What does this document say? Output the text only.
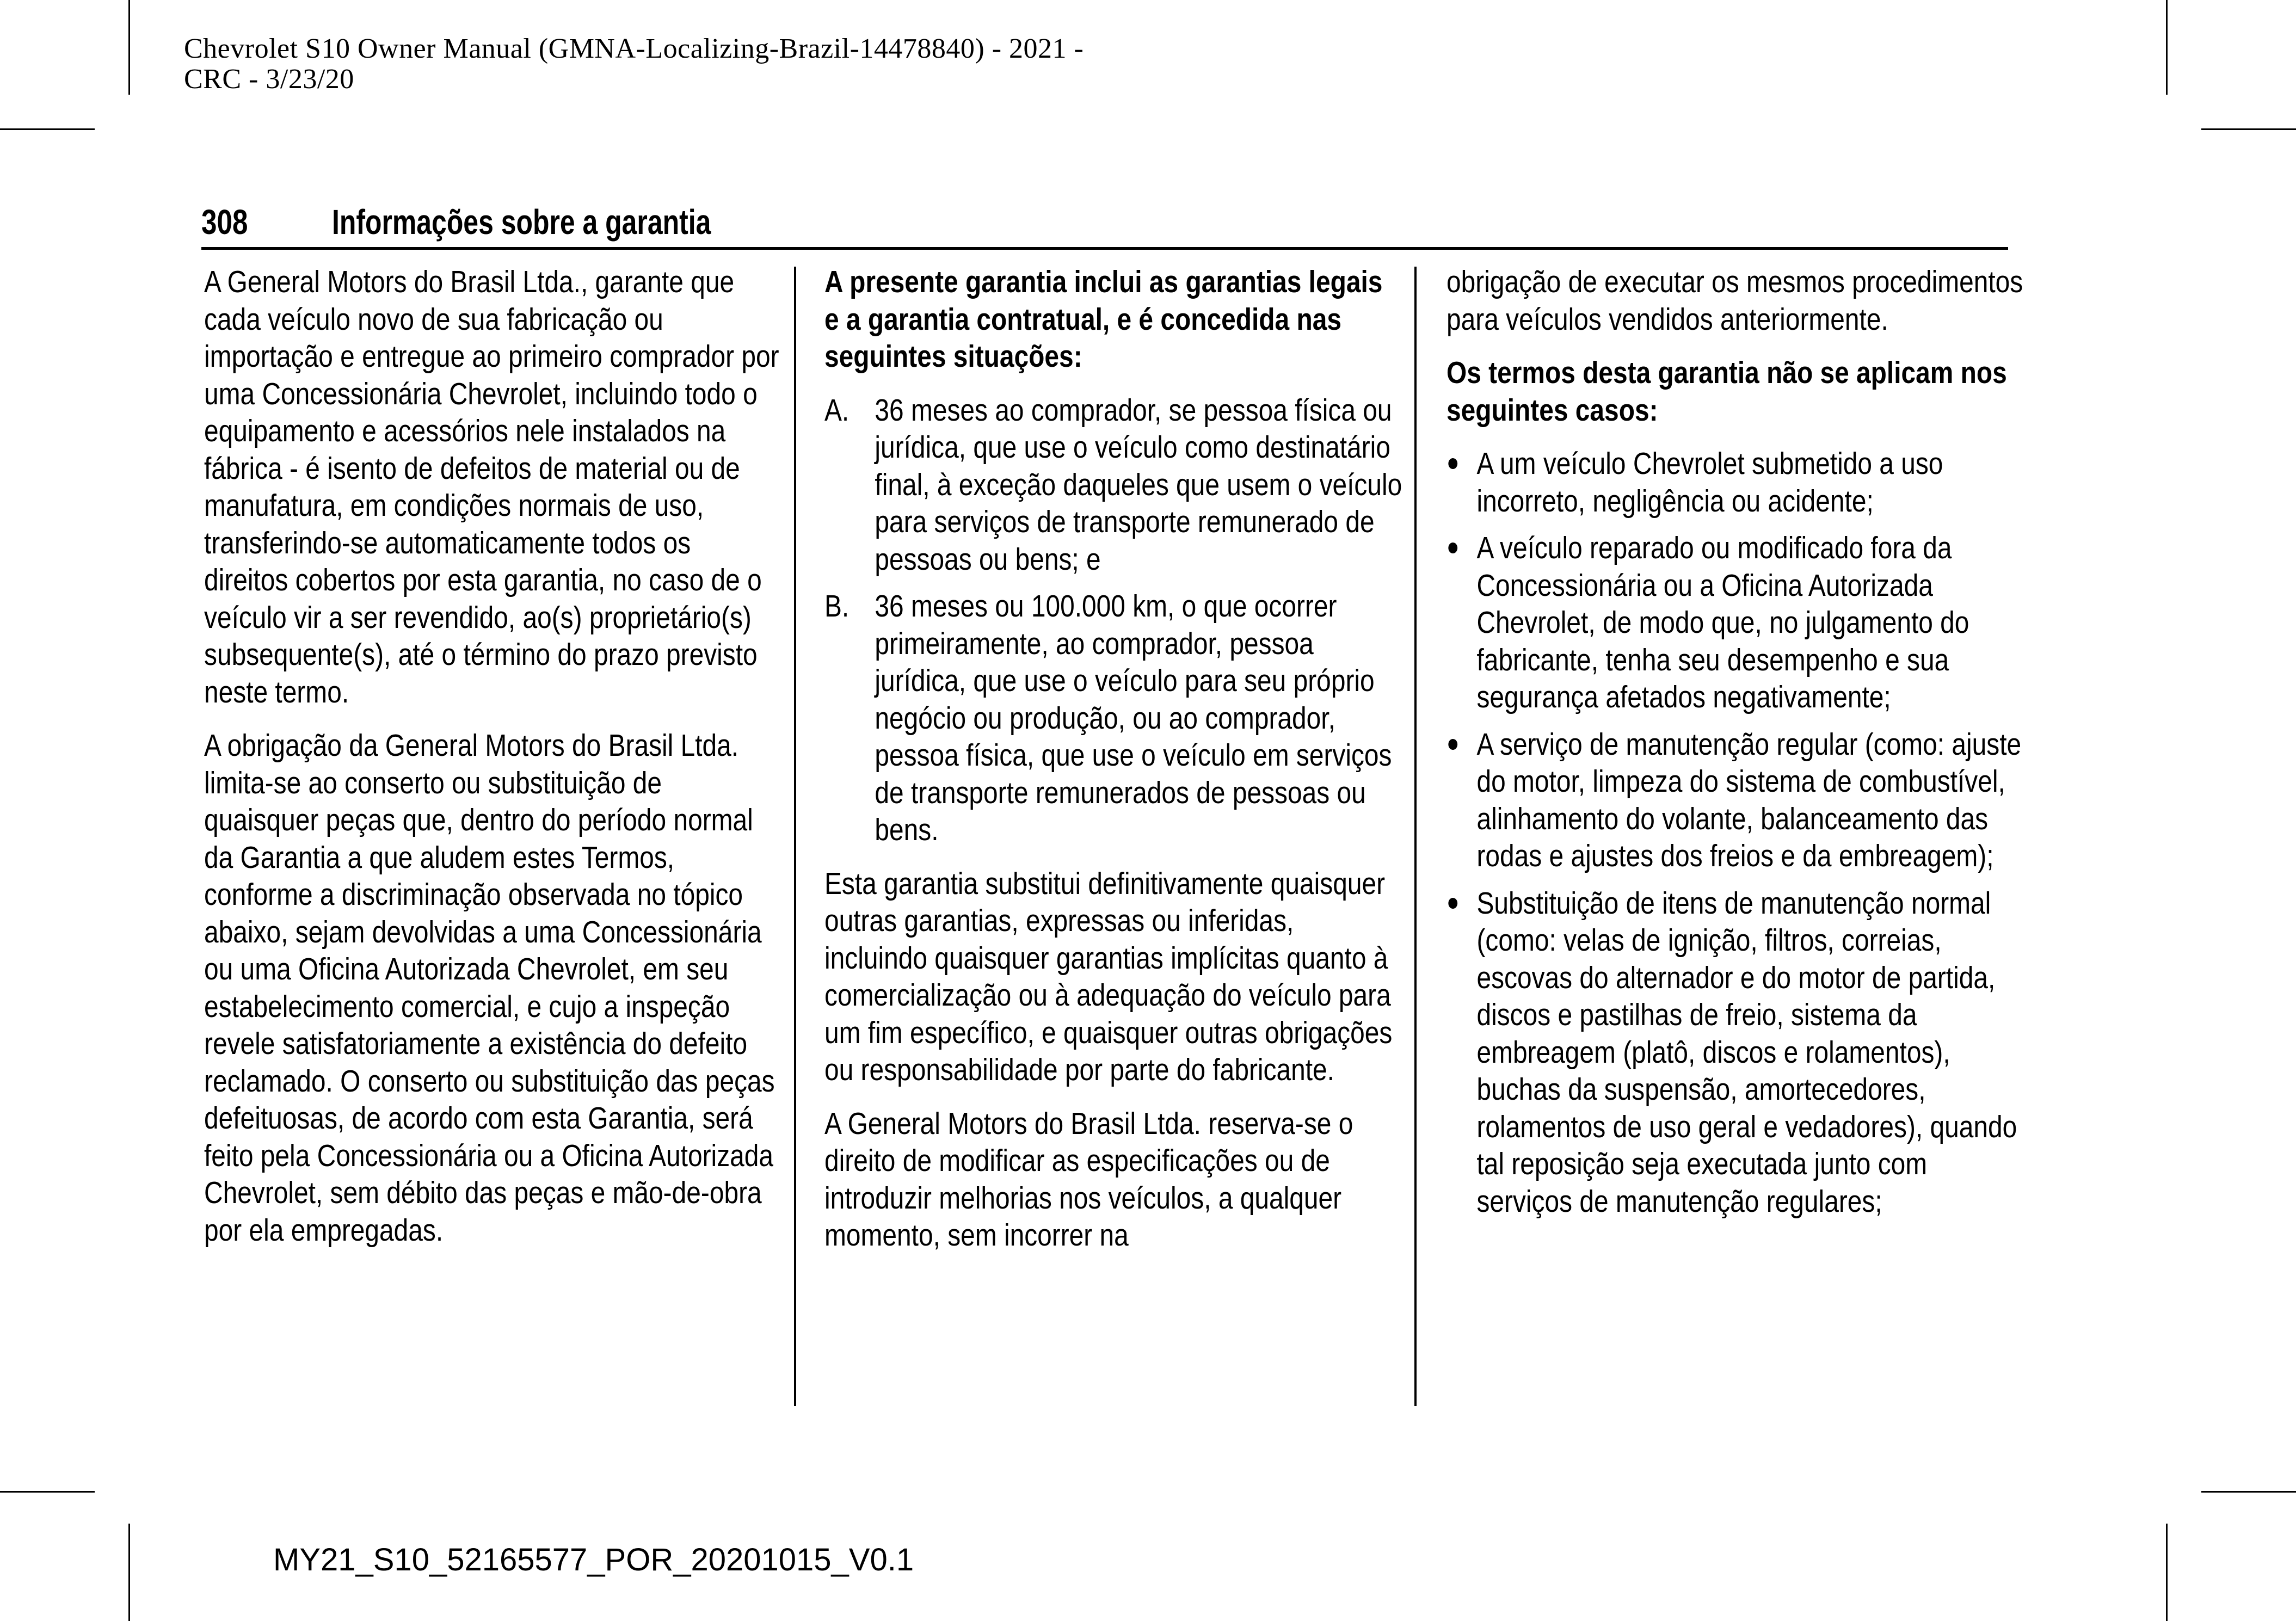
Chevrolet S10 Owner Manual (GMNA-Localizing-Brazil-14478840) - 2021 -
CRC - 3/23/20
308 Informações sobre a garantia

A General Motors do Brasil Ltda., garante que cada veículo novo de sua fabricação ou importação e entregue ao primeiro comprador por uma Concessionária Chevrolet, incluindo todo o equipamento e acessórios nele instalados na fábrica - é isento de defeitos de material ou de manufatura, em condições normais de uso, transferindo-se automaticamente todos os direitos cobertos por esta garantia, no caso de o veículo vir a ser revendido, ao(s) proprietário(s) subsequente(s), até o término do prazo previsto neste termo.

A obrigação da General Motors do Brasil Ltda. limita-se ao conserto ou substituição de quaisquer peças que, dentro do período normal da Garantia a que aludem estes Termos, conforme a discriminação observada no tópico abaixo, sejam devolvidas a uma Concessionária ou uma Oficina Autorizada Chevrolet, em seu estabelecimento comercial, e cujo a inspeção revele satisfatoriamente a existência do defeito reclamado. O conserto ou substituição das peças defeituosas, de acordo com esta Garantia, será feito pela Concessionária ou a Oficina Autorizada Chevrolet, sem débito das peças e mão-de-obra por ela empregadas.

A presente garantia inclui as garantias legais e a garantia contratual, e é concedida nas seguintes situações:

A. 36 meses ao comprador, se pessoa física ou jurídica, que use o veículo como destinatário final, à exceção daqueles que usem o veículo para serviços de transporte remunerado de pessoas ou bens; e
B. 36 meses ou 100.000 km, o que ocorrer primeiramente, ao comprador, pessoa jurídica, que use o veículo para seu próprio negócio ou produção, ou ao comprador, pessoa física, que use o veículo em serviços de transporte remunerados de pessoas ou bens.

Esta garantia substitui definitivamente quaisquer outras garantias, expressas ou inferidas, incluindo quaisquer garantias implícitas quanto à comercialização ou à adequação do veículo para um fim específico, e quaisquer outras obrigações ou responsabilidade por parte do fabricante.

A General Motors do Brasil Ltda. reserva-se o direito de modificar as especificações ou de introduzir melhorias nos veículos, a qualquer momento, sem incorrer na

obrigação de executar os mesmos procedimentos para veículos vendidos anteriormente.

Os termos desta garantia não se aplicam nos seguintes casos:

A um veículo Chevrolet submetido a uso incorreto, negligência ou acidente;
A veículo reparado ou modificado fora da Concessionária ou a Oficina Autorizada Chevrolet, de modo que, no julgamento do fabricante, tenha seu desempenho e sua segurança afetados negativamente;
A serviço de manutenção regular (como: ajuste do motor, limpeza do sistema de combustível, alinhamento do volante, balanceamento das rodas e ajustes dos freios e da embreagem);
Substituição de itens de manutenção normal (como: velas de ignição, filtros, correias, escovas do alternador e do motor de partida, discos e pastilhas de freio, sistema da embreagem (platô, discos e rolamentos), buchas da suspensão, amortecedores, rolamentos de uso geral e vedadores), quando tal reposição seja executada junto com serviços de manutenção regulares;
MY21_S10_52165577_POR_20201015_V0.1
